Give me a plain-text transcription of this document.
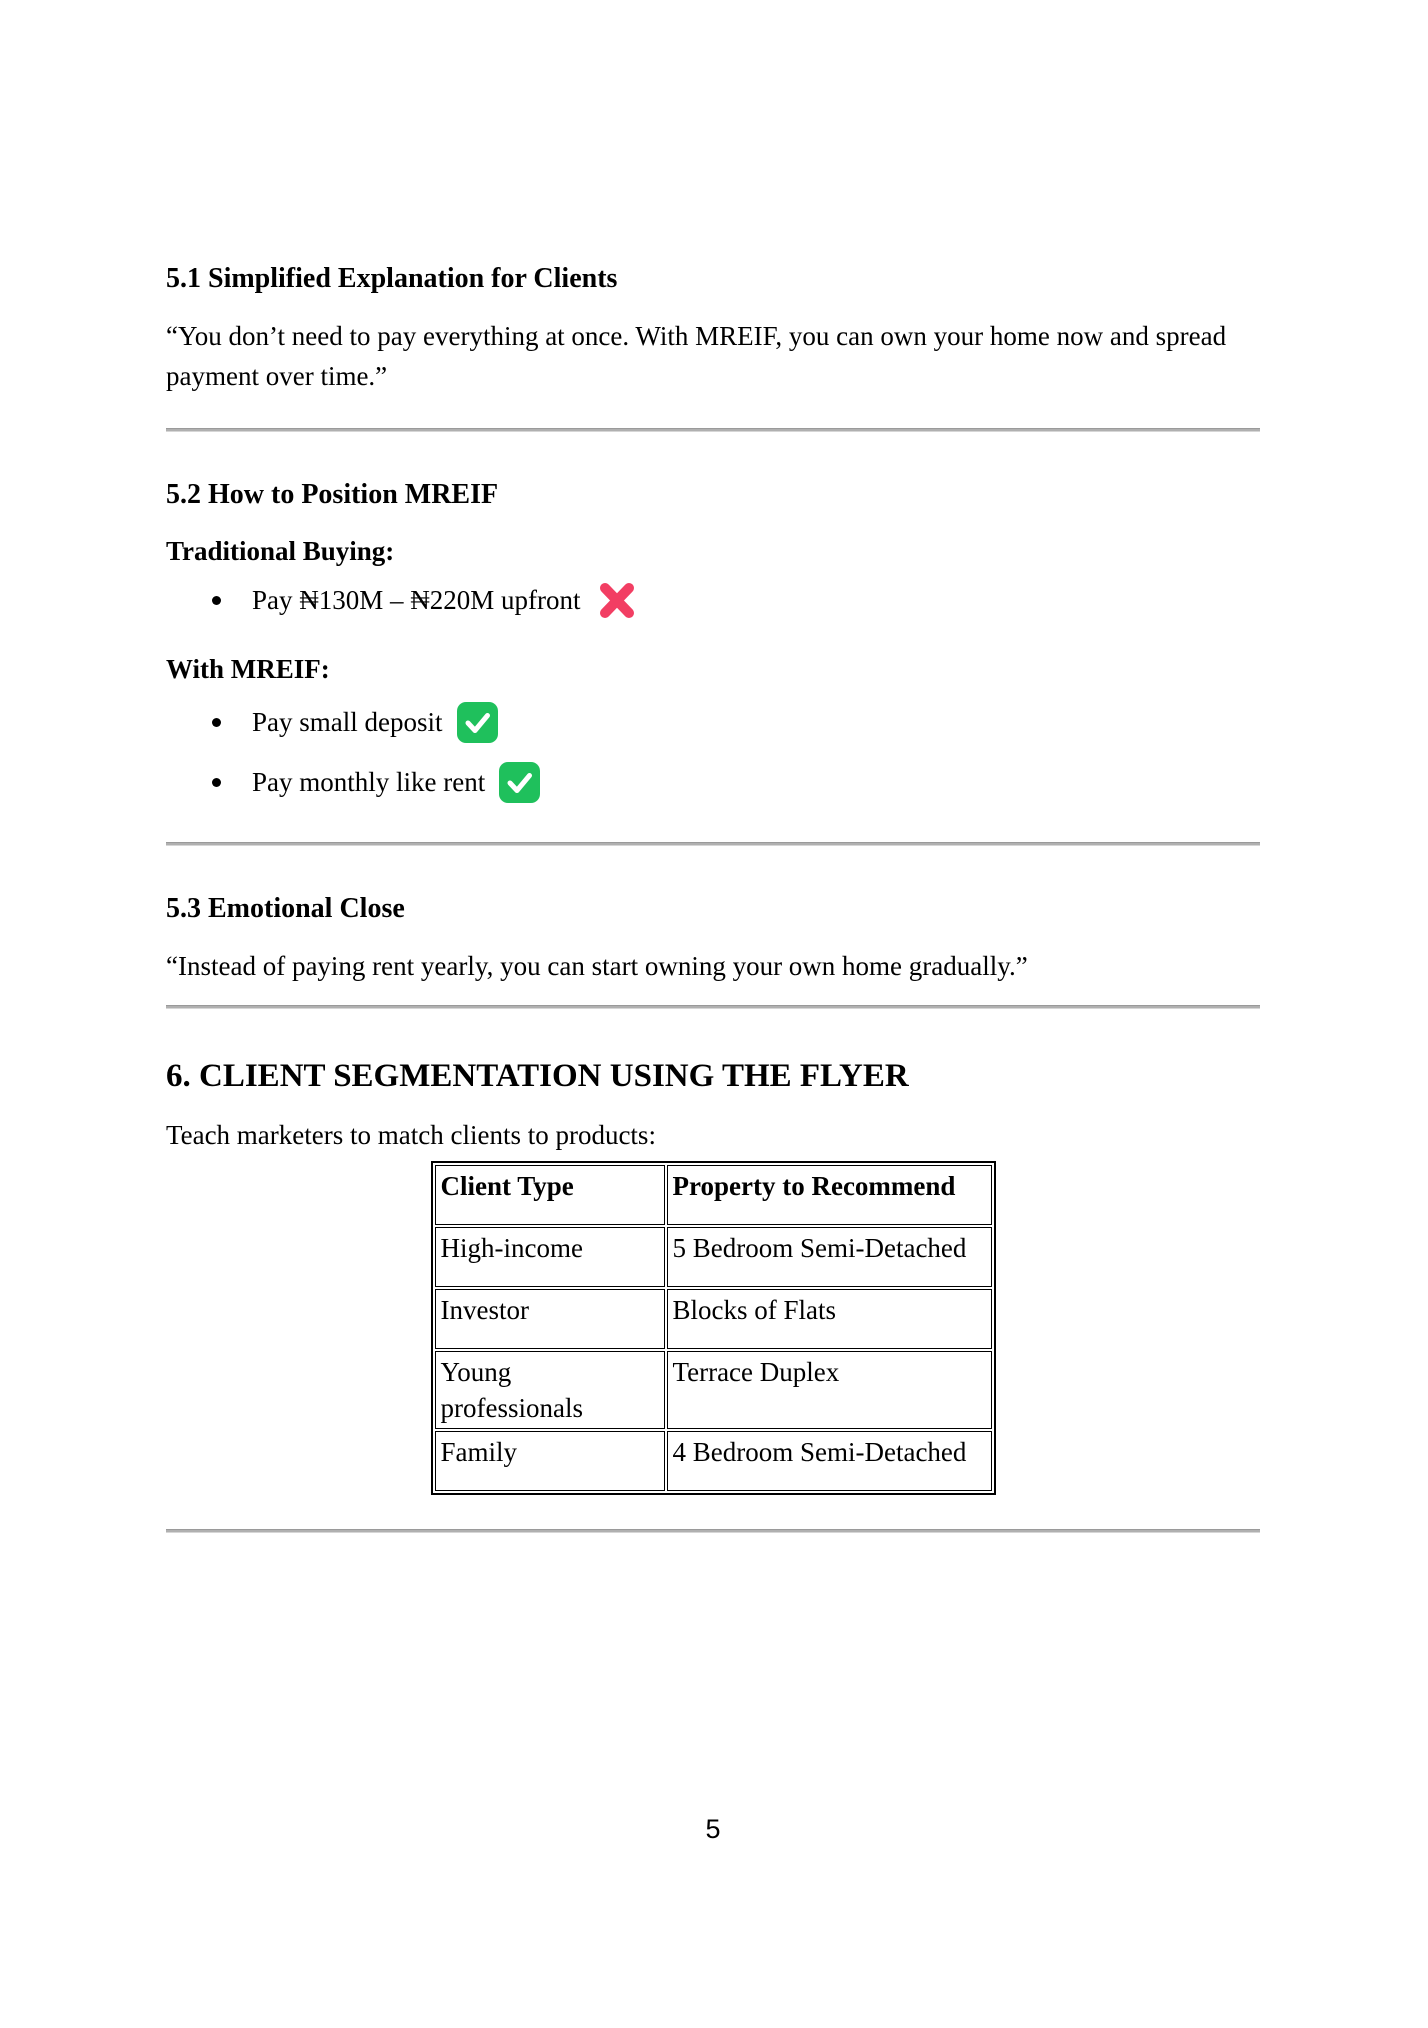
5.1 Simplified Explanation for Clients

“You don’t need to pay everything at once. With MREIF, you can own your home now and spread payment over time.”

5.2 How to Position MREIF

Traditional Buying:

Pay ₦130M – ₦220M upfront

With MREIF:

Pay small deposit
Pay monthly like rent
5.3 Emotional Close

“Instead of paying rent yearly, you can start owning your own home gradually.”

6. CLIENT SEGMENTATION USING THE FLYER

Teach marketers to match clients to products:

Client Type	Property to Recommend
High-income	5 Bedroom Semi-Detached
Investor	Blocks of Flats
Young professionals	Terrace Duplex
Family	4 Bedroom Semi-Detached
5
